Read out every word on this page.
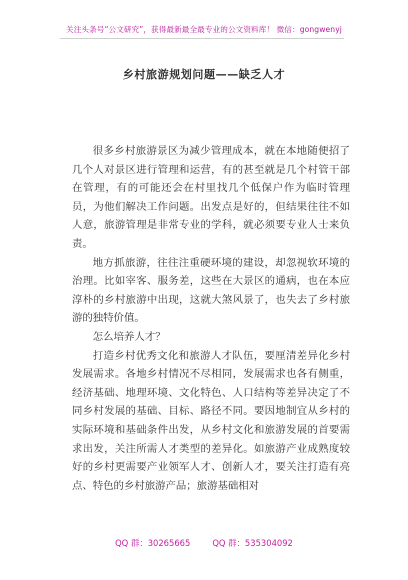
关注头条号“公文研究”，获得最新最全最专业的公文资料库！ 微信：gongwenyj
乡村旅游规划问题——缺乏人才

很多乡村旅游景区为减少管理成本，就在本地随便招了几个人对景区进行管理和运营，有的甚至就是几个村管干部在管理，有的可能还会在村里找几个低保户作为临时管理员，为他们解决工作问题。出发点是好的，但结果往往不如人意，旅游管理是非常专业的学科，就必须要专业人士来负责。

地方抓旅游，往往注重硬环境的建设，却忽视软环境的治理。比如宰客、服务差，这些在大景区的通病，也在本应淳朴的乡村旅游中出现，这就大煞风景了，也失去了乡村旅游的独特价值。

怎么培养人才？

打造乡村优秀文化和旅游人才队伍，要厘清差异化乡村发展需求。各地乡村情况不尽相同，发展需求也各有侧重，经济基础、地理环境、文化特色、人口结构等差异决定了不同乡村发展的基础、目标、路径不同。要因地制宜从乡村的实际环境和基础条件出发，从乡村文化和旅游发展的首要需求出发，关注所需人才类型的差异化。如旅游产业成熟度较好的乡村更需要产业领军人才、创新人才，要关注打造有亮点、特色的乡村旅游产品；旅游基础相对

QQ 群：30265665	QQ 群：535304092
